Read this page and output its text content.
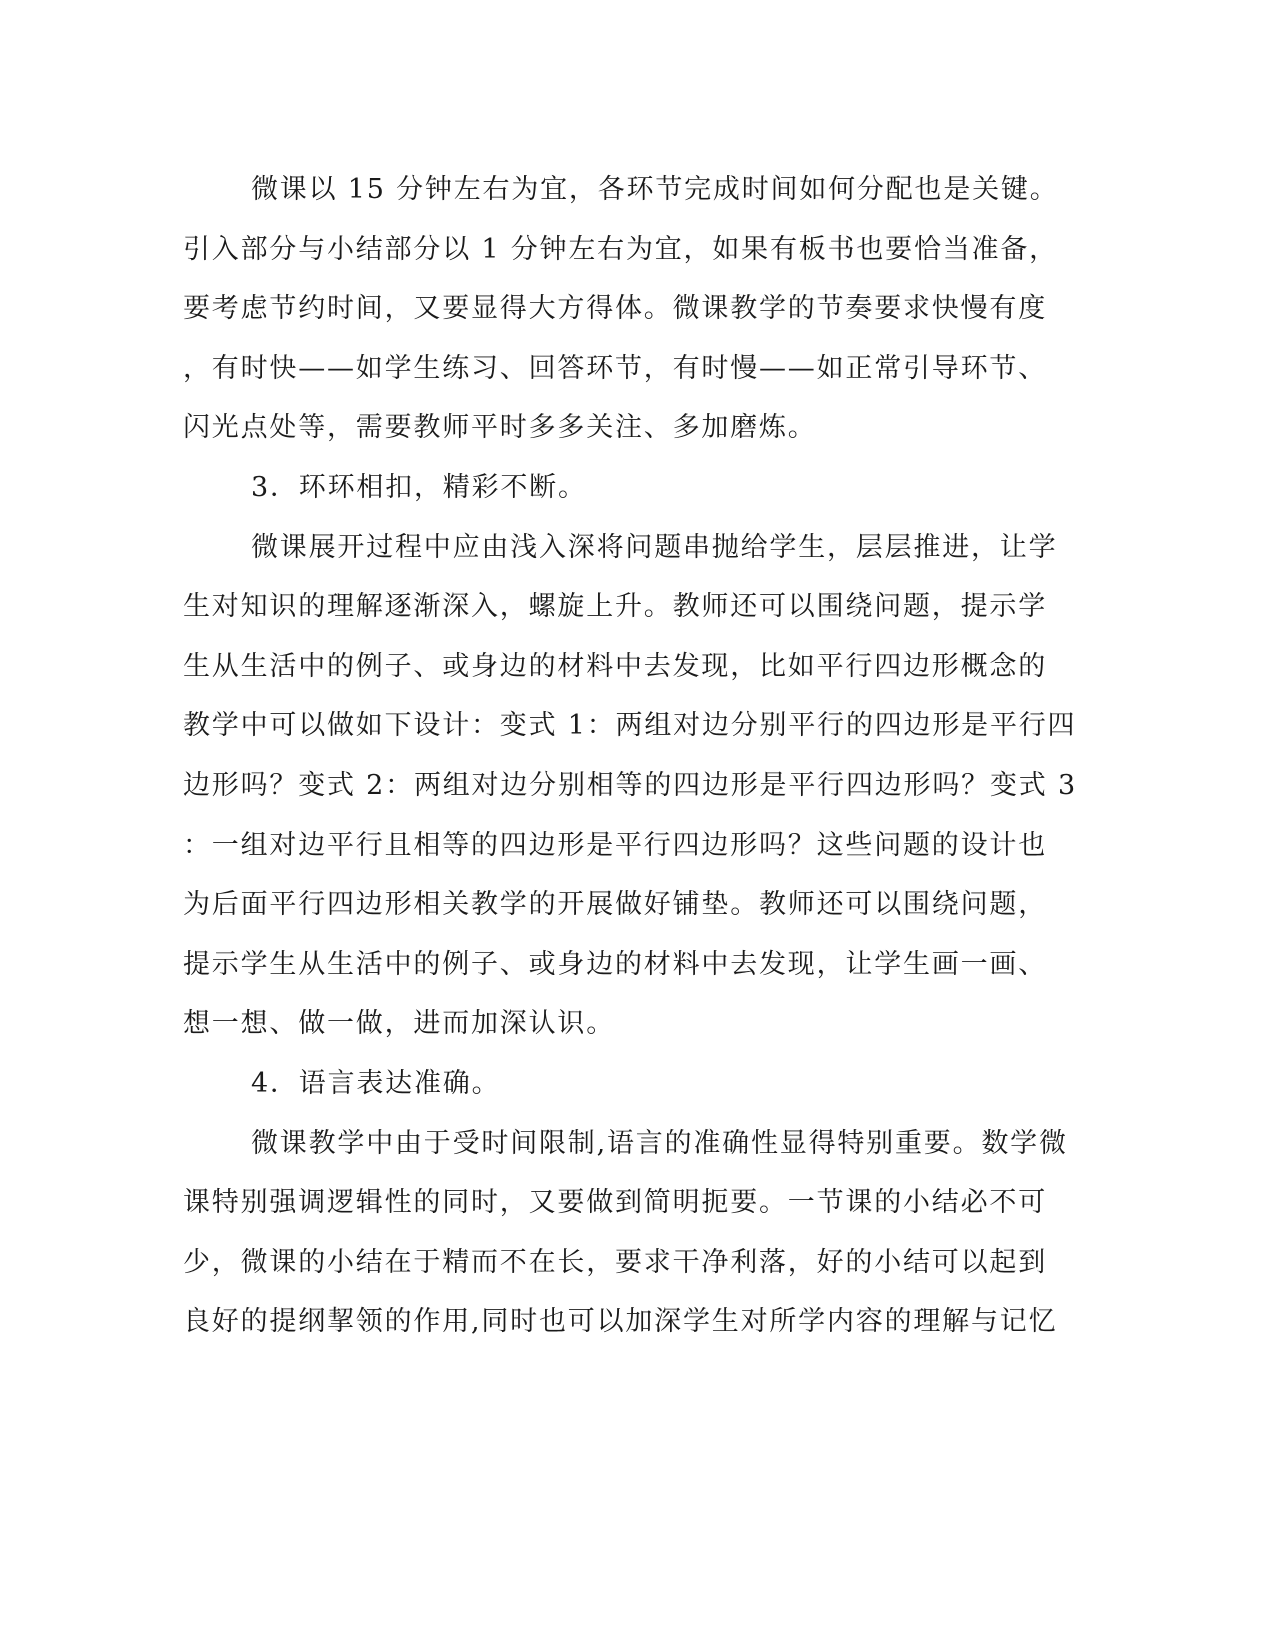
微课以 15 分钟左右为宜，各环节完成时间如何分配也是关键。
引入部分与小结部分以 1 分钟左右为宜，如果有板书也要恰当准备，
要考虑节约时间，又要显得大方得体。微课教学的节奏要求快慢有度
，有时快——如学生练习、回答环节，有时慢——如正常引导环节、
闪光点处等，需要教师平时多多关注、多加磨炼。
3．环环相扣，精彩不断。
微课展开过程中应由浅入深将问题串抛给学生，层层推进，让学
生对知识的理解逐渐深入，螺旋上升。教师还可以围绕问题，提示学
生从生活中的例子、或身边的材料中去发现，比如平行四边形概念的
教学中可以做如下设计：变式 1：两组对边分别平行的四边形是平行四
边形吗？变式 2：两组对边分别相等的四边形是平行四边形吗？变式 3
：一组对边平行且相等的四边形是平行四边形吗？这些问题的设计也
为后面平行四边形相关教学的开展做好铺垫。教师还可以围绕问题，
提示学生从生活中的例子、或身边的材料中去发现，让学生画一画、
想一想、做一做，进而加深认识。
4．语言表达准确。
微课教学中由于受时间限制,语言的准确性显得特别重要。数学微
课特别强调逻辑性的同时，又要做到简明扼要。一节课的小结必不可
少，微课的小结在于精而不在长，要求干净利落，好的小结可以起到
良好的提纲挈领的作用,同时也可以加深学生对所学内容的理解与记忆
